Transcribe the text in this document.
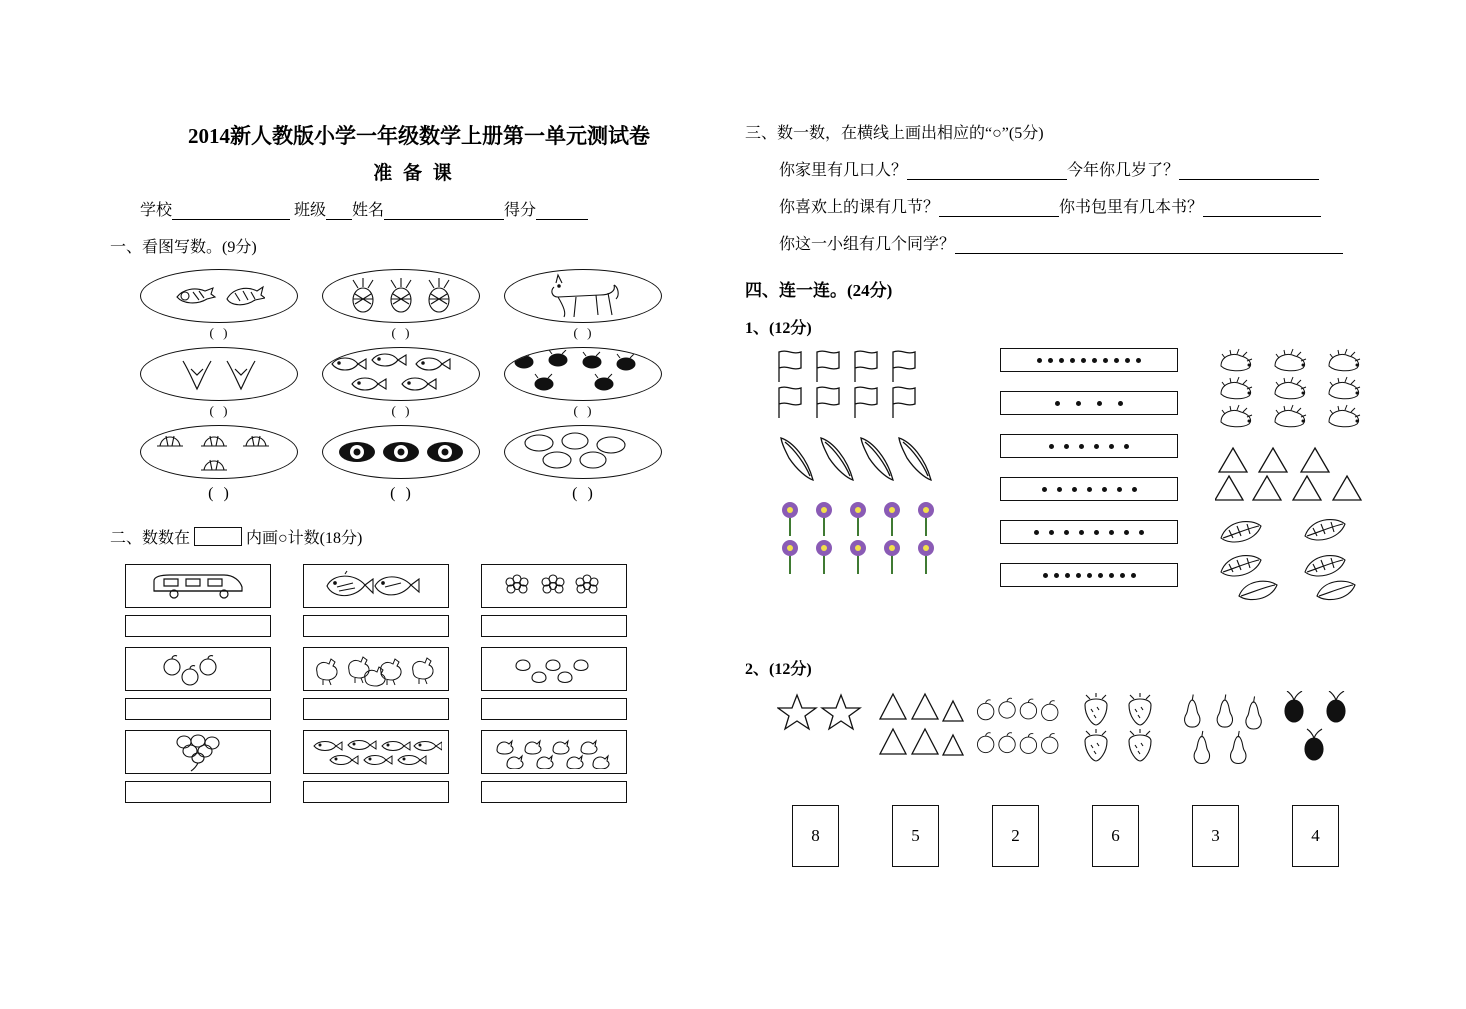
2014新人教版小学一年级数学上册第一单元测试卷
准 备 课
学校	班级 姓名	得分
一、看图写数。(9分)
( )	( )	( )
( )	( )	( )
( )	( )	( )
二、数数在	内画○计数(18分)
三、数一数，在横线上画出相应的“○”(5分)
你家里有几口人？	今年你几岁了？
你喜欢上的课有几节？	你书包里有几本书？
你这一小组有几个同学？
四、连一连。(24分)
1、(12分)
2、(12分)
8	5	2	6	3	4
